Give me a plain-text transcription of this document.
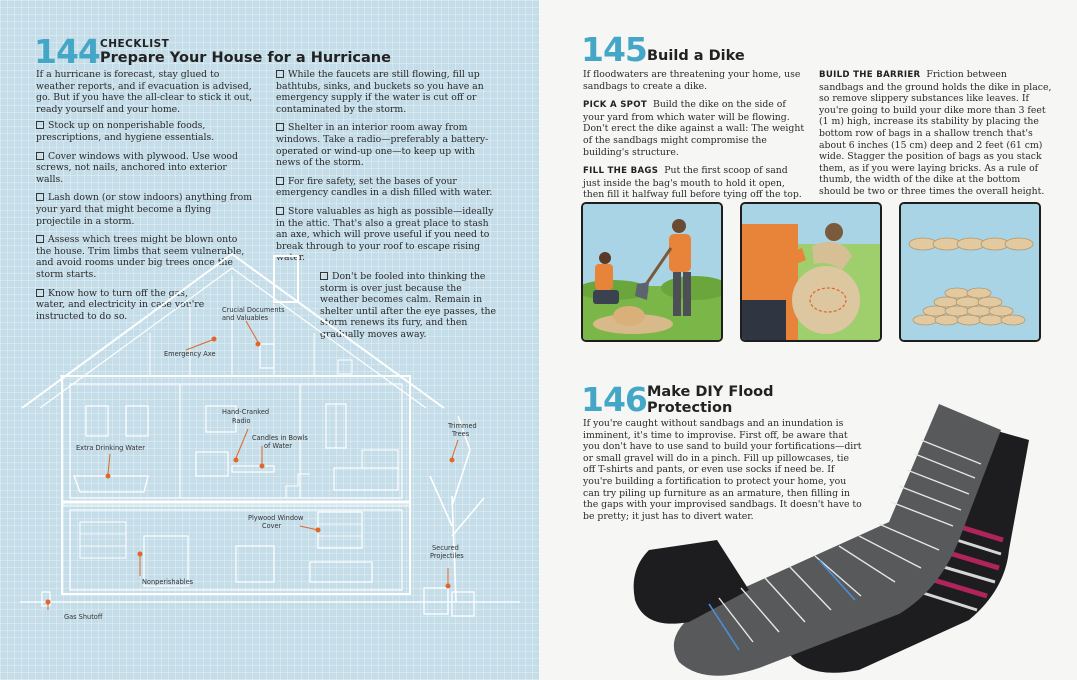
144 CHECKLIST
Prepare Your House for a Hurricane

If a hurricane is forecast, stay glued to weather reports, and if evacuation is advised, go. But if you have the all-clear to stick it out, ready yourself and your home.

Stock up on nonperishable foods, prescriptions, and hygiene essentials.
Cover windows with plywood. Use wood screws, not nails, anchored into exterior walls.
Lash down (or stow indoors) anything from your yard that might become a flying projectile in a storm.
Assess which trees might be blown onto the house. Trim limbs that seem vulnerable, and avoid rooms under big trees once the storm starts.
Know how to turn off the gas, water, and electricity in case you're instructed to do so.
While the faucets are still flowing, fill up bathtubs, sinks, and buckets so you have an emergency supply if the water is cut off or contaminated by the storm.
Shelter in an interior room away from windows. Take a radio—preferably a battery-operated or wind-up one—to keep up with news of the storm.
For fire safety, set the bases of your emergency candles in a dish filled with water.
Store valuables as high as possible—ideally in the attic. That's also a great place to stash an axe, which will prove useful if you need to break through to your roof to escape rising water.
Don't be fooled into thinking the storm is over just because the weather becomes calm. Remain in shelter until after the eye passes, the storm renews its fury, and then gradually moves away.
Crucial Documents
and Valuables
Emergency Axe
Hand-Cranked
Radio
Candles in Bowls
of Water
Extra Drinking Water
Trimmed
Trees
Plywood Window
Cover
Secured
Projectiles
Nonperishables
Gas Shutoff
145 Build a Dike

If floodwaters are threatening your home, use sandbags to create a dike.

PICK A SPOT Build the dike on the side of your yard from which water will be flowing. Don't erect the dike against a wall: The weight of the sandbags might compromise the building's structure.

FILL THE BAGS Put the first scoop of sand just inside the bag's mouth to hold it open, then fill it halfway full before tying off the top.

BUILD THE BARRIER Friction between sandbags and the ground holds the dike in place, so remove slippery substances like leaves. If you're going to build your dike more than 3 feet (1 m) high, increase its stability by placing the bottom row of bags in a shallow trench that's about 6 inches (15 cm) deep and 2 feet (61 cm) wide. Stagger the position of bags as you stack them, as if you were laying bricks. As a rule of thumb, the width of the dike at the bottom should be two or three times the overall height.

146 Make DIY Flood
Protection
If you're caught without sandbags and an inundation is imminent, it's time to improvise. First off, be aware that you don't have to use sand to build your fortifications—dirt or small gravel will do in a pinch. Fill up pillowcases, tie off T-shirts and pants, or even use socks if need be. If you're building a fortification to protect your home, you can try piling up furniture as an armature, then filling in the gaps with your improvised sandbags. It doesn't have to be pretty; it just has to divert water.
